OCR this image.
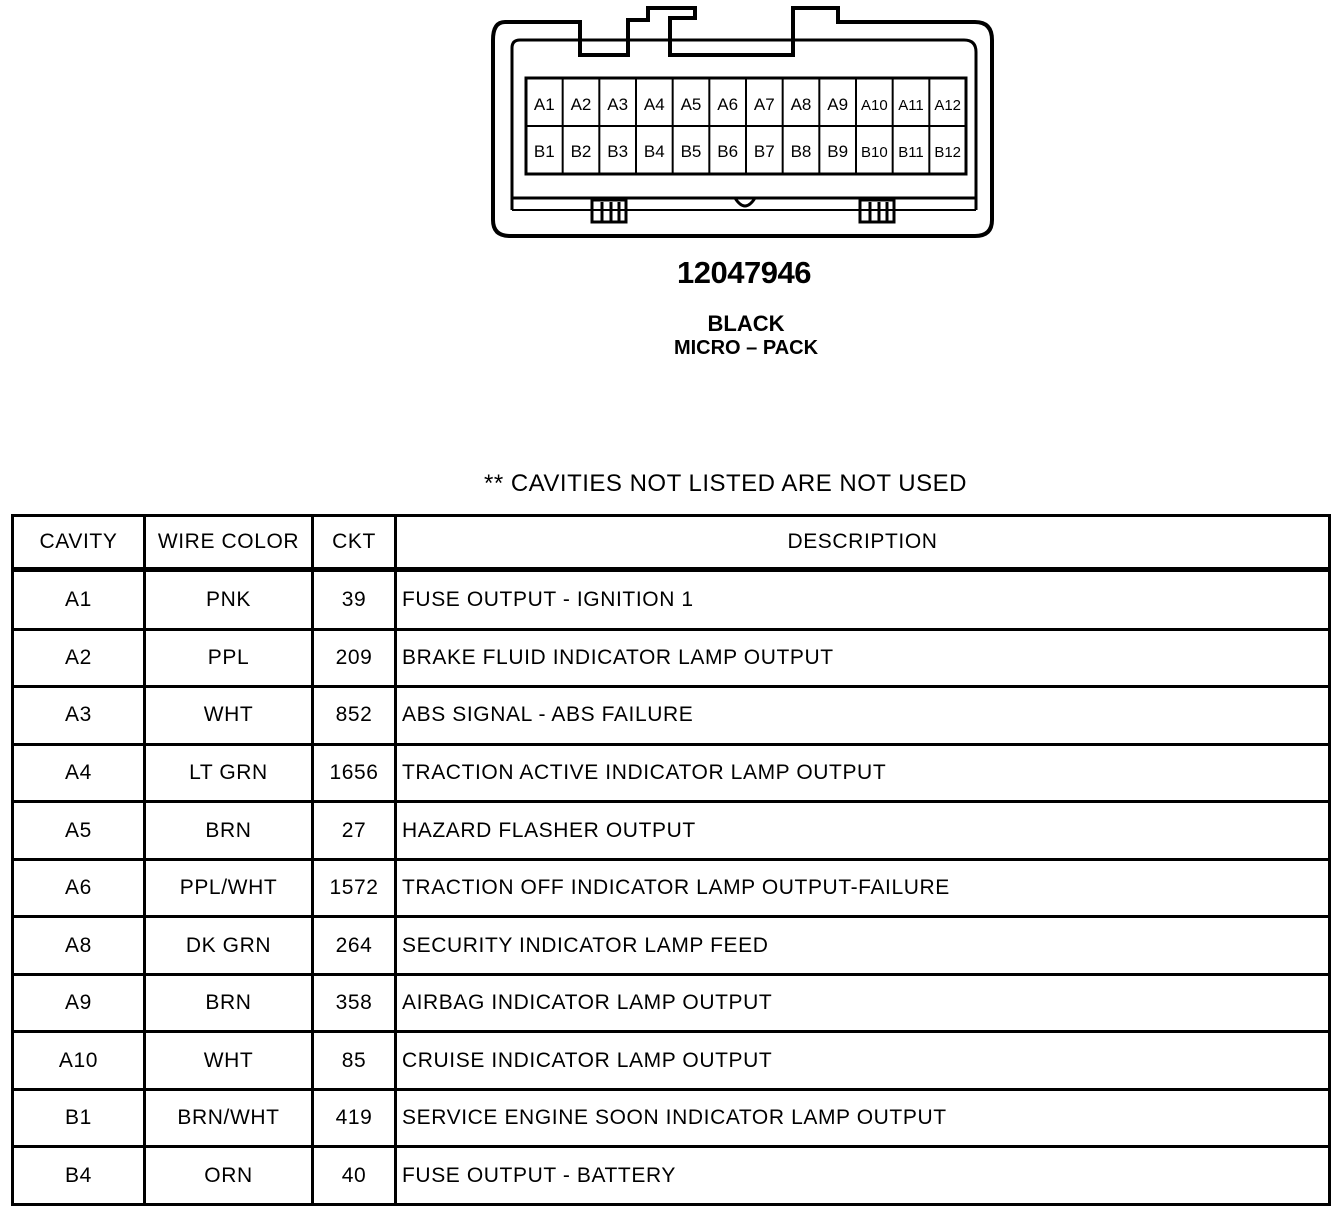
A1 A2 A3 A4 A5 A6 A7 A8 A9 A10 A11 A12
B1 B2 B3 B4 B5 B6 B7 B8 B9 B10 B11 B12
12047946
BLACK
MICRO – PACK
** CAVITIES NOT LISTED ARE NOT USED
CAVITY	WIRE COLOR	CKT	DESCRIPTION
A1	PNK	39	FUSE OUTPUT - IGNITION 1
A2	PPL	209	BRAKE FLUID INDICATOR LAMP OUTPUT
A3	WHT	852	ABS SIGNAL - ABS FAILURE
A4	LT GRN	1656	TRACTION ACTIVE INDICATOR LAMP OUTPUT
A5	BRN	27	HAZARD FLASHER OUTPUT
A6	PPL/WHT	1572	TRACTION OFF INDICATOR LAMP OUTPUT-FAILURE
A8	DK GRN	264	SECURITY INDICATOR LAMP FEED
A9	BRN	358	AIRBAG INDICATOR LAMP OUTPUT
A10	WHT	85	CRUISE INDICATOR LAMP OUTPUT
B1	BRN/WHT	419	SERVICE ENGINE SOON INDICATOR LAMP OUTPUT
B4	ORN	40	FUSE OUTPUT - BATTERY
